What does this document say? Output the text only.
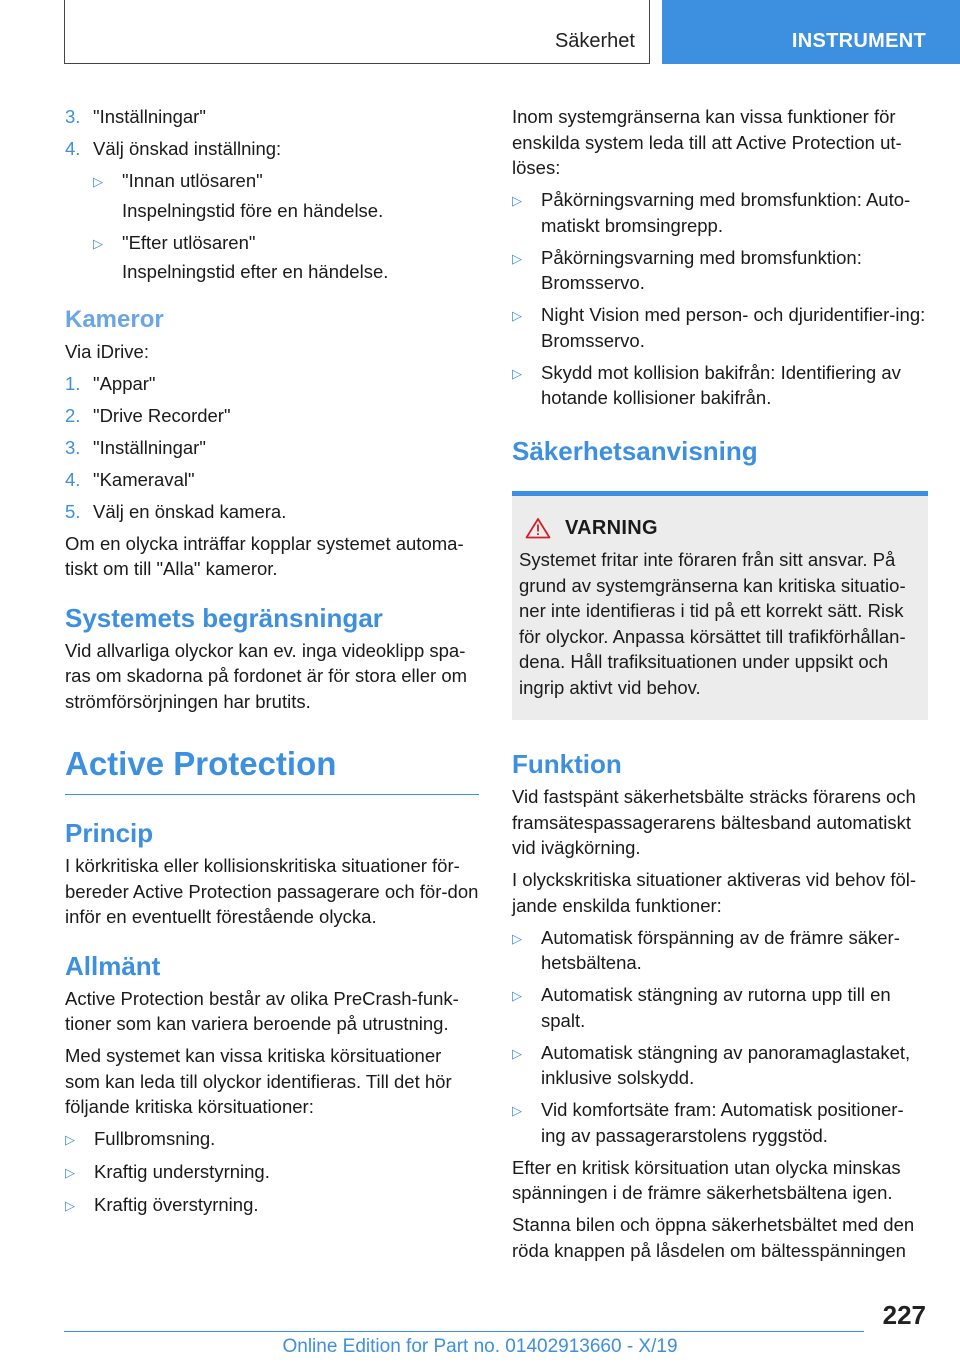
Säkerhet	INSTRUMENT
3. "Inställningar"
4. Välj önskad inställning:
▷	"Innan utlösaren"
Inspelningstid före en händelse.
▷	"Efter utlösaren"
Inspelningstid efter en händelse.
Kameror
Via iDrive:
1. "Appar"
2. "Drive Recorder"
3. "Inställningar"
4. "Kameraval"
5. Välj en önskad kamera.
Om en olycka inträffar kopplar systemet automa-tiskt om till "Alla" kameror.
Systemets begränsningar
Vid allvarliga olyckor kan ev. inga videoklipp spa-ras om skadorna på fordonet är för stora eller om strömförsörjningen har brutits.
Active Protection
Princip
I körkritiska eller kollisionskritiska situationer för-bereder Active Protection passagerare och för-don inför en eventuellt förestående olycka.
Allmänt
Active Protection består av olika PreCrash-funk-tioner som kan variera beroende på utrustning.
Med systemet kan vissa kritiska körsituationer som kan leda till olyckor identifieras. Till det hör följande kritiska körsituationer:
▷	Fullbromsning.
▷	Kraftig understyrning.
▷	Kraftig överstyrning.
Inom systemgränserna kan vissa funktioner för enskilda system leda till att Active Protection ut-löses:
▷	Påkörningsvarning med bromsfunktion: Auto-matiskt bromsingrepp.
▷	Påkörningsvarning med bromsfunktion: Bromsservo.
▷	Night Vision med person- och djuridentifier-ing: Bromsservo.
▷	Skydd mot kollision bakifrån: Identifiering av hotande kollisioner bakifrån.
Säkerhetsanvisning
VARNING
Systemet fritar inte föraren från sitt ansvar. På grund av systemgränserna kan kritiska situatio-ner inte identifieras i tid på ett korrekt sätt. Risk för olyckor. Anpassa körsättet till trafikförhållan-dena. Håll trafiksituationen under uppsikt och ingrip aktivt vid behov.
Funktion
Vid fastspänt säkerhetsbälte sträcks förarens och framsätespassagerarens bältesband automatiskt vid ivägkörning.
I olyckskritiska situationer aktiveras vid behov föl-jande enskilda funktioner:
▷	Automatisk förspänning av de främre säker-hetsbältena.
▷	Automatisk stängning av rutorna upp till en spalt.
▷	Automatisk stängning av panoramaglastaket, inklusive solskydd.
▷	Vid komfortsäte fram: Automatisk positioner-ing av passagerarstolens ryggstöd.
Efter en kritisk körsituation utan olycka minskas spänningen i de främre säkerhetsbältena igen.
Stanna bilen och öppna säkerhetsbältet med den röda knappen på låsdelen om bältesspänningen
227
Online Edition for Part no. 01402913660 - X/19
